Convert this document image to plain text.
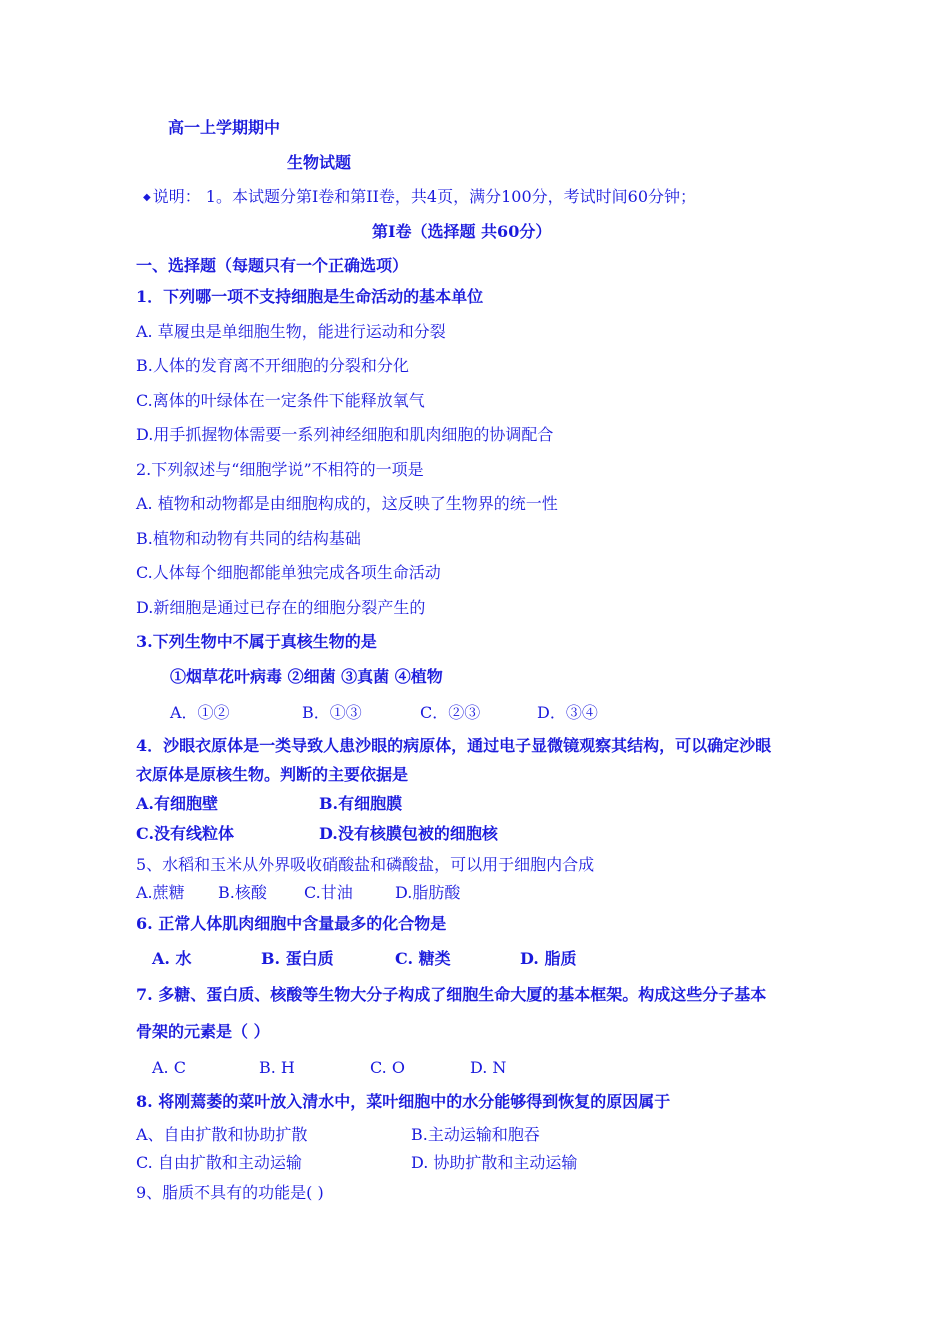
高一上学期期中
生物试题
◆ 说明： 1。本试题分第Ⅰ卷和第ⅠⅠ卷，共4页，满分100分，考试时间60分钟；
第Ⅰ卷（选择题 共60分）
一、选择题（每题只有一个正确选项）
1．下列哪一项不支持细胞是生命活动的基本单位
A. 草履虫是单细胞生物，能进行运动和分裂
B.人体的发育离不开细胞的分裂和分化
C.离体的叶绿体在一定条件下能释放氧气
D.用手抓握物体需要一系列神经细胞和肌肉细胞的协调配合
2.下列叙述与“细胞学说”不相符的一项是
A. 植物和动物都是由细胞构成的，这反映了生物界的统一性
B.植物和动物有共同的结构基础
C.人体每个细胞都能单独完成各项生命活动
D.新细胞是通过已存在的细胞分裂产生的
3.下列生物中不属于真核生物的是
①烟草花叶病毒 ②细菌 ③真菌 ④植物
A．①②	B．①③	C．②③	D．③④
4．沙眼衣原体是一类导致人患沙眼的病原体，通过电子显微镜观察其结构，可以确定沙眼
衣原体是原核生物。判断的主要依据是
A.有细胞壁	B.有细胞膜
C.没有线粒体	D.没有核膜包被的细胞核
5、水稻和玉米从外界吸收硝酸盐和磷酸盐，可以用于细胞内合成
A.蔗糖 B.核酸 C.甘油	D.脂肪酸
6. 正常人体肌肉细胞中含量最多的化合物是
A. 水	B. 蛋白质	C. 糖类	D. 脂质
7. 多糖、蛋白质、核酸等生物大分子构成了细胞生命大厦的基本框架。构成这些分子基本
骨架的元素是（ ）
A. C	B. H	C. O	D. N
8. 将刚蔫萎的菜叶放入清水中，菜叶细胞中的水分能够得到恢复的原因属于
A、自由扩散和协助扩散	B.主动运输和胞吞
C. 自由扩散和主动运输	D. 协助扩散和主动运输
9、脂质不具有的功能是( )
